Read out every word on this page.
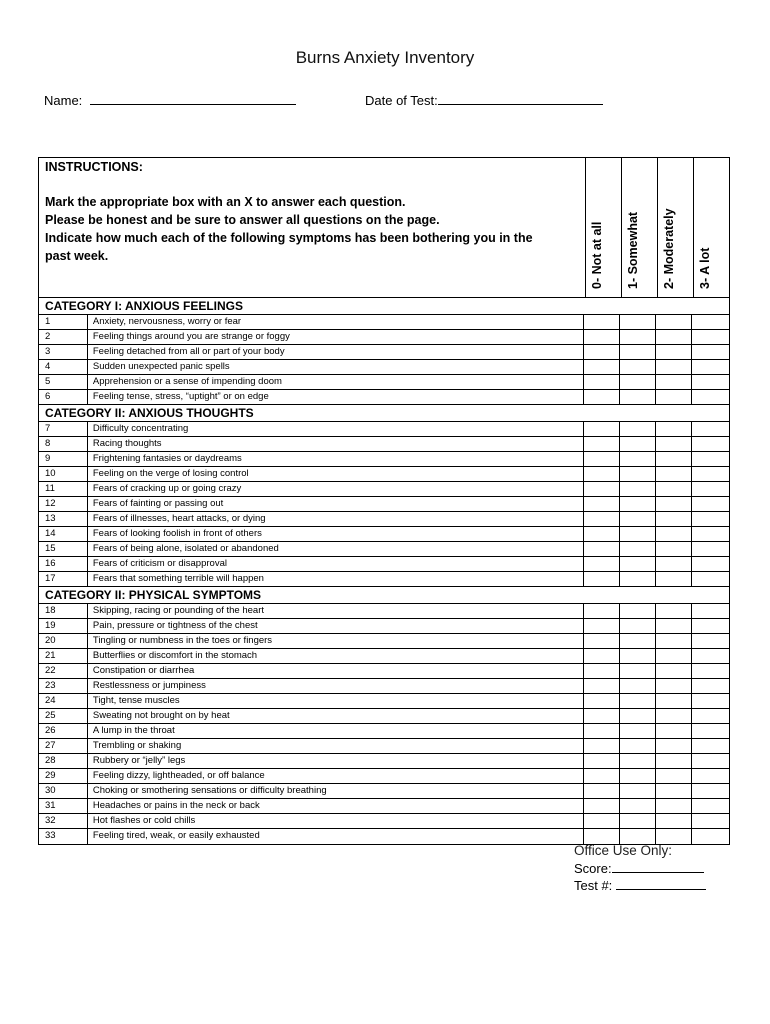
Burns Anxiety Inventory
Name:	Date of Test:
INSTRUCTIONS:
Mark the appropriate box with an X to answer each question.
Please be honest and be sure to answer all questions on the page.
Indicate how much each of the following symptoms has been bothering you in the
past week.	0- Not at all 1- Somewhat 2- Moderately 3- A lot
CATEGORY I: ANXIOUS FEELINGS
1	Anxiety, nervousness, worry or fear
2	Feeling things around you are strange or foggy
3	Feeling detached from all or part of your body
4	Sudden unexpected panic spells
5	Apprehension or a sense of impending doom
6	Feeling tense, stress, “uptight” or on edge
CATEGORY II: ANXIOUS THOUGHTS
7	Difficulty concentrating
8	Racing thoughts
9	Frightening fantasies or daydreams
10	Feeling on the verge of losing control
11	Fears of cracking up or going crazy
12	Fears of fainting or passing out
13	Fears of illnesses, heart attacks, or dying
14	Fears of looking foolish in front of others
15	Fears of being alone, isolated or abandoned
16	Fears of criticism or disapproval
17	Fears that something terrible will happen
CATEGORY II: PHYSICAL SYMPTOMS
18	Skipping, racing or pounding of the heart
19	Pain, pressure or tightness of the chest
20	Tingling or numbness in the toes or fingers
21	Butterflies or discomfort in the stomach
22	Constipation or diarrhea
23	Restlessness or jumpiness
24	Tight, tense muscles
25	Sweating not brought on by heat
26	A lump in the throat
27	Trembling or shaking
28	Rubbery or “jelly” legs
29	Feeling dizzy, lightheaded, or off balance
30	Choking or smothering sensations or difficulty breathing
31	Headaches or pains in the neck or back
32	Hot flashes or cold chills
33	Feeling tired, weak, or easily exhausted
Office Use Only:
Score:
Test #:
